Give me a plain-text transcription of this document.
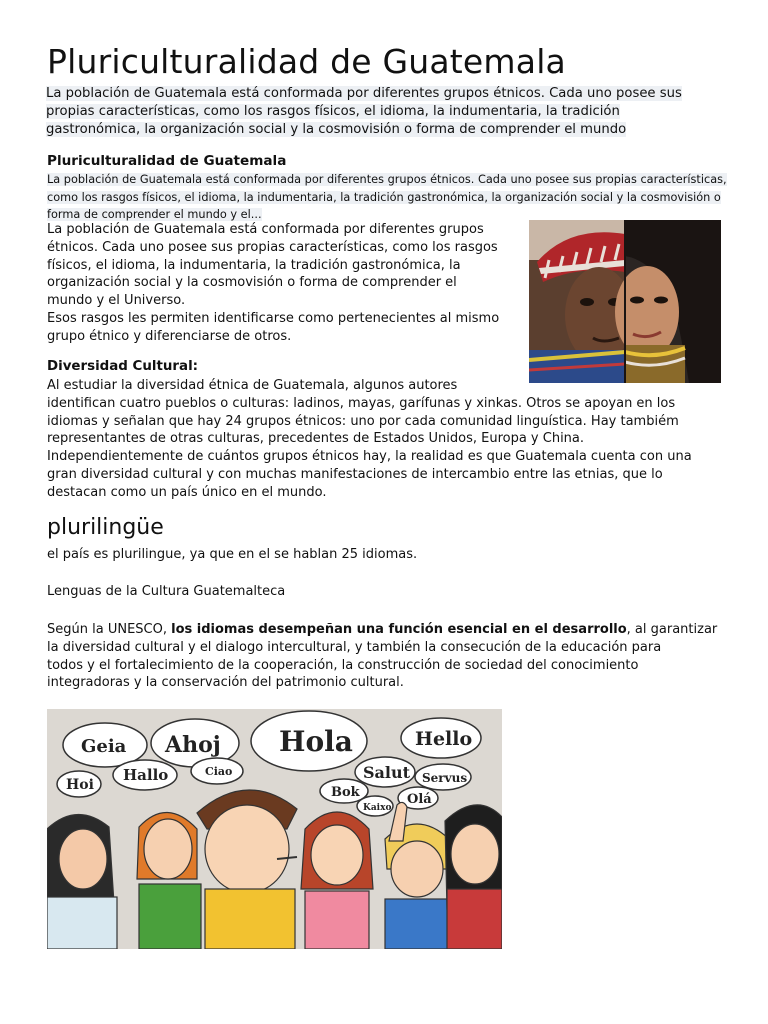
Pluriculturalidad de Guatemala

La población de Guatemala está conformada por diferentes grupos étnicos. Cada uno posee sus propias características, como los rasgos físicos, el idioma, la indumentaria, la tradición gastronómica, la organización social y la cosmovisión o forma de comprender el mundo

Pluriculturalidad de Guatemala

La población de Guatemala está conformada por diferentes grupos étnicos. Cada uno posee sus propias características, como los rasgos físicos, el idioma, la indumentaria, la tradición gastronómica, la organización social y la cosmovisión o forma de comprender el mundo y el...

La población de Guatemala está conformada por diferentes grupos
étnicos. Cada uno posee sus propias características, como los rasgos
físicos, el idioma, la indumentaria, la tradición gastronómica, la
organización social y la cosmovisión o forma de comprender el
mundo y el Universo.
Esos rasgos les permiten identificarse como pertenecientes al mismo
grupo étnico y diferenciarse de otros.
Diversidad Cultural:
Al estudiar la diversidad étnica de Guatemala, algunos autores
identifican cuatro pueblos o culturas: ladinos, mayas, garífunas y xinkas. Otros se apoyan en los
idiomas y señalan que hay 24 grupos étnicos: uno por cada comunidad linguística. Hay tambiém
representantes de otras culturas, precedentes de Estados Unidos, Europa y China.
Independientemente de cuántos grupos étnicos hay, la realidad es que Guatemala cuenta con una
gran diversidad cultural y con muchas manifestaciones de intercambio entre las etnias, que lo
destacan como un país único en el mundo.
plurilingüe
el país es plurilingue, ya que en el se hablan 25 idiomas.
Lenguas de la Cultura Guatemalteca
Según la UNESCO, los idiomas desempeñan una función esencial en el desarrollo, al garantizar
la diversidad cultural y el dialogo intercultural, y también la consecución de la educación para
todos y el fortalecimiento de la cooperación, la construcción de sociedad del conocimiento
integradoras y la conservación del patrimonio cultural.
Geia Ahoj Hola	Hello
Hoi
Hallo	Ciao	Salut Servus
Bok
Kaixo
Olá
